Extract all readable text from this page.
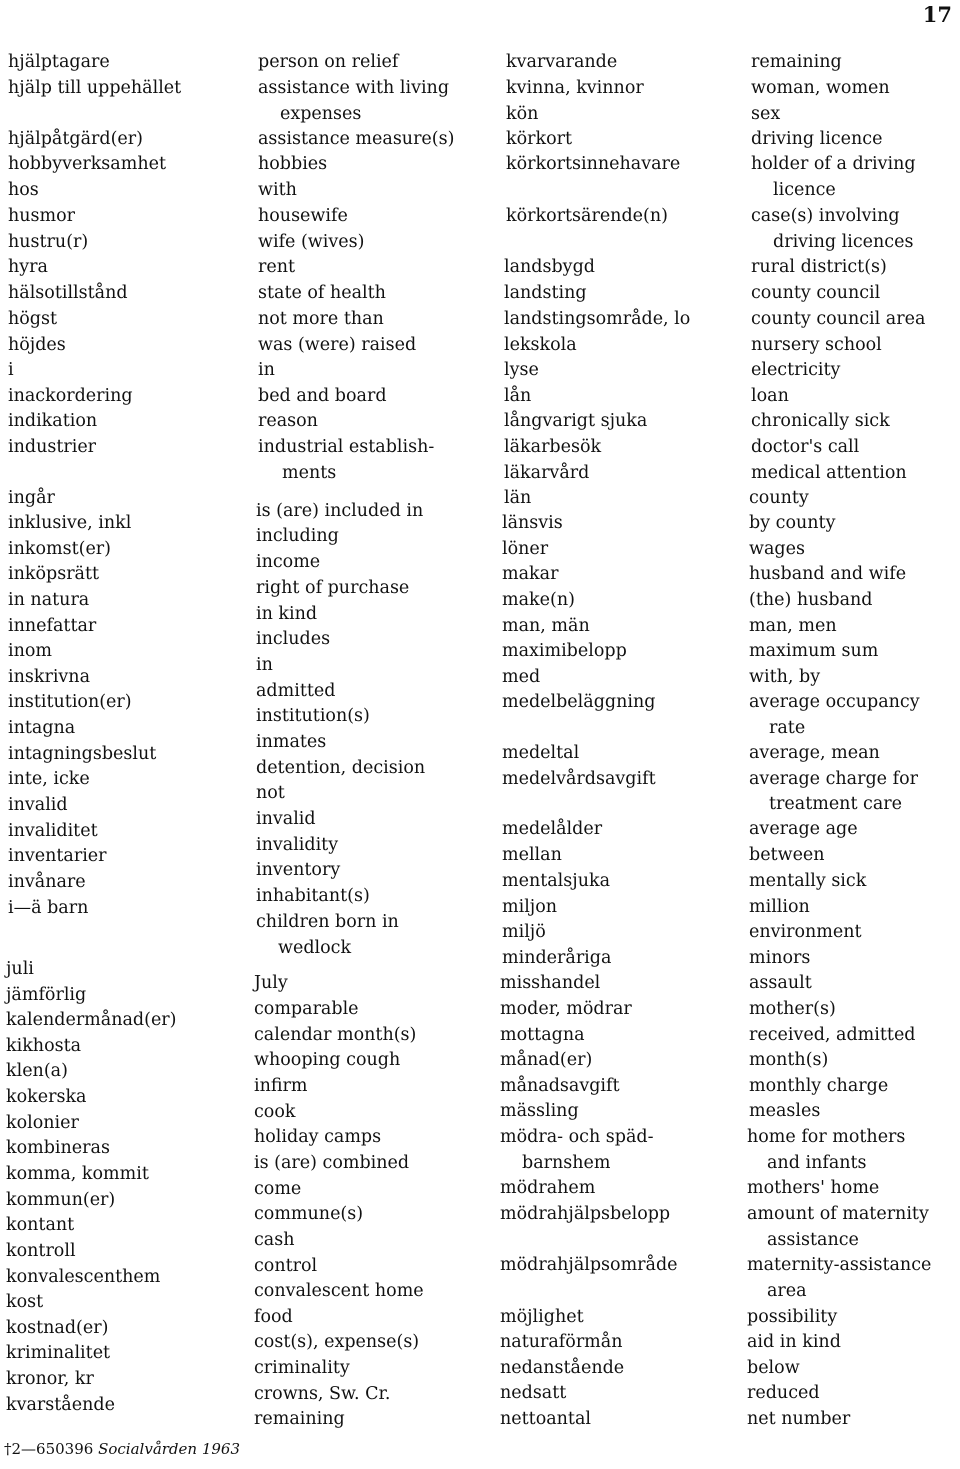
17
hjälptagare
hjälp till uppehället
hjälpåtgärd(er)
hobbyverksamhet
hos
husmor
hustru(r)
hyra
hälsotillstånd
högst
höjdes
i
inackordering
indikation
industrier
ingår
inklusive, inkl
inkomst(er)
inköpsrätt
in natura
innefattar
inom
inskrivna
institution(er)
intagna
intagningsbeslut
inte, icke
invalid
invaliditet
inventarier
invånare
i—ä barn
juli
jämförlig
kalendermånad(er)
kikhosta
klen(a)
kokerska
kolonier
kombineras
komma, kommit
kommun(er)
kontant
kontroll
konvalescenthem
kost
kostnad(er)
kriminalitet
kronor, kr
kvarstående
person on relief
assistance with living
expenses
assistance measure(s)
hobbies
with
housewife
wife (wives)
rent
state of health
not more than
was (were) raised
in
bed and board
reason
industrial establish-
ments
is (are) included in
including
income
right of purchase
in kind
includes
in
admitted
institution(s)
inmates
detention, decision
not
invalid
invalidity
inventory
inhabitant(s)
children born in
wedlock
July
comparable
calendar month(s)
whooping cough
infirm
cook
holiday camps
is (are) combined
come
commune(s)
cash
control
convalescent home
food
cost(s), expense(s)
criminality
crowns, Sw. Cr.
remaining
kvarvarande
kvinna, kvinnor
kön
körkort
körkortsinnehavare
körkortsärende(n)
landsbygd
landsting
landstingsområde, lo
lekskola
lyse
lån
långvarigt sjuka
läkarbesök
läkarvård
län
länsvis
löner
makar
make(n)
man, män
maximibelopp
med
medelbeläggning
medeltal
medelvårdsavgift
medelålder
mellan
mentalsjuka
miljon
miljö
minderåriga
misshandel
moder, mödrar
mottagna
månad(er)
månadsavgift
mässling
mödra- och späd-
barnshem
mödrahem
mödrahjälpsbelopp
mödrahjälpsområde
möjlighet
naturaförmån
nedanstående
nedsatt
nettoantal
remaining
woman, women
sex
driving licence
holder of a driving
licence
case(s) involving
driving licences
rural district(s)
county council
county council area
nursery school
electricity
loan
chronically sick
doctor's call
medical attention
county
by county
wages
husband and wife
(the) husband
man, men
maximum sum
with, by
average occupancy
rate
average, mean
average charge for
treatment care
average age
between
mentally sick
million
environment
minors
assault
mother(s)
received, admitted
month(s)
monthly charge
measles
home for mothers
and infants
mothers' home
amount of maternity
assistance
maternity-assistance
area
possibility
aid in kind
below
reduced
net number
†2—650396 Socialvården 1963
